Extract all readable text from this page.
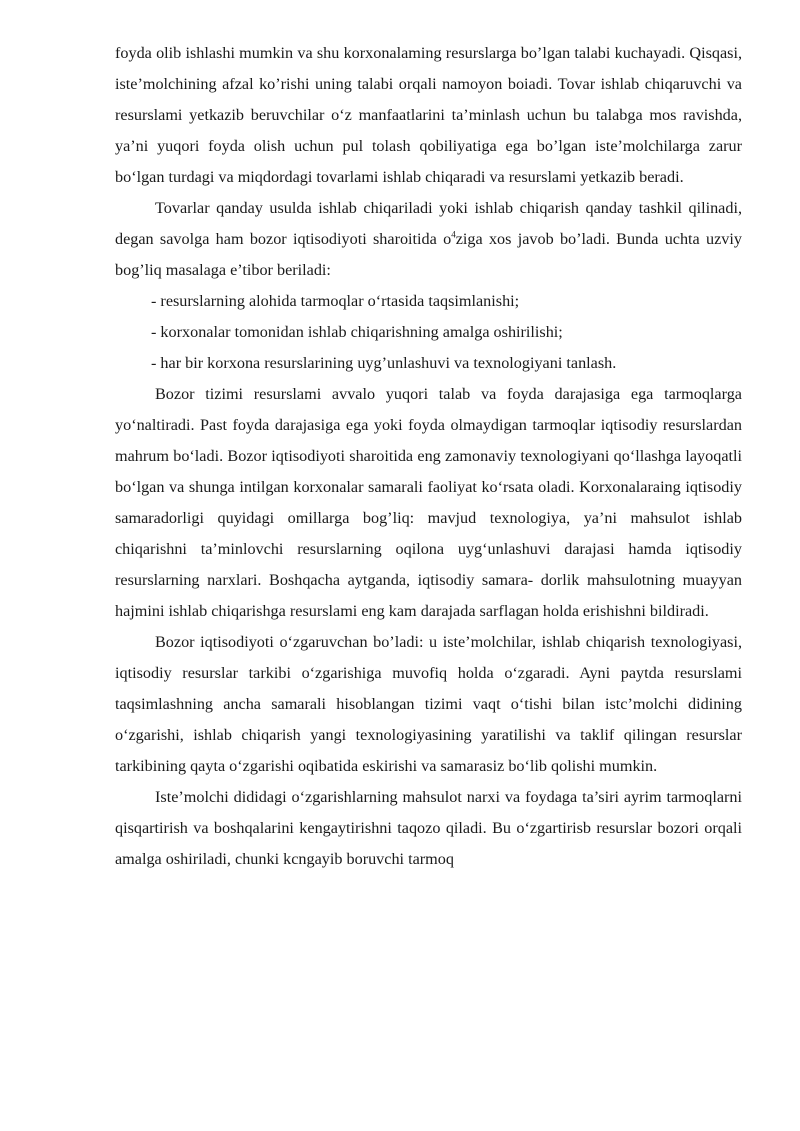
foyda olib ishlashi mumkin va shu korxonalaming resurslarga bo’lgan talabi kuchayadi. Qisqasi, iste’molchining afzal ko’rishi uning talabi orqali namoyon boiadi. Tovar ishlab chiqaruvchi va resurslami yetkazib beruvchilar o‘z manfaatlarini ta’minlash uchun bu talabga mos ravishda, ya’ni yuqori foyda olish uchun pul tolash qobiliyatiga ega bo’lgan iste’molchilarga zarur bo‘lgan turdagi va miqdordagi tovarlami ishlab chiqaradi va resurslami yetkazib beradi.

Tovarlar qanday usulda ishlab chiqariladi yoki ishlab chiqarish qanday tashkil qilinadi, degan savolga ham bozor iqtisodiyoti sharoitida $o^4ziga$ xos javob bo’ladi. Bunda uchta uzviy bog’liq masalaga e’tibor beriladi:

- resurslarning alohida tarmoqlar o‘rtasida taqsimlanishi;

- korxonalar tomonidan ishlab chiqarishning amalga oshirilishi;

- har bir korxona resurslarining uyg’unlashuvi va texnologiyani tanlash.

Bozor tizimi resurslami avvalo yuqori talab va foyda darajasiga ega tarmoqlarga yo‘naltiradi. Past foyda darajasiga ega yoki foyda olmaydigan tarmoqlar iqtisodiy resurslardan mahrum bo‘ladi. Bozor iqtisodiyoti sharoitida eng zamonaviy texnologiyani qo‘llashga layoqatli bo‘lgan va shunga intilgan korxonalar samarali faoliyat ko‘rsata oladi. Korxonalaraing iqtisodiy samaradorligi quyidagi omillarga bog’liq: mavjud texnologiya, ya’ni mahsulot ishlab chiqarishni ta’minlovchi resurslarning oqilona uyg‘unlashuvi darajasi hamda iqtisodiy resurslarning narxlari. Boshqacha aytganda, iqtisodiy samara- dorlik mahsulotning muayyan hajmini ishlab chiqarishga resurslami eng kam darajada sarflagan holda erishishni bildiradi.

Bozor iqtisodiyoti o‘zgaruvchan bo’ladi: u iste’molchilar, ishlab chiqarish texnologiyasi, iqtisodiy resurslar tarkibi o‘zgarishiga muvofiq holda o‘zgaradi. Ayni paytda resurslami taqsimlashning ancha samarali hisoblangan tizimi vaqt o‘tishi bilan istc’molchi didining o‘zgarishi, ishlab chiqarish yangi texnologiyasining yaratilishi va taklif qilingan resurslar tarkibining qayta o‘zgarishi oqibatida eskirishi va samarasiz bo‘lib qolishi mumkin.

Iste’molchi dididagi o‘zgarishlarning mahsulot narxi va foydaga ta’siri ayrim tarmoqlarni qisqartirish va boshqalarini kengaytirishni taqozo qiladi. Bu o‘zgartirisb resurslar bozori orqali amalga oshiriladi, chunki kcngayib boruvchi tarmoq
